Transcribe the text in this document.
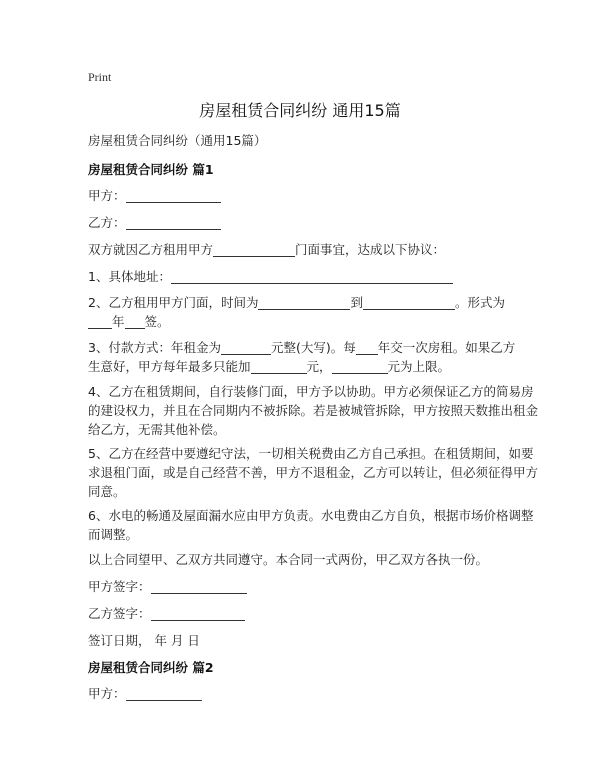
Print
房屋租赁合同纠纷 通用15篇
房屋租赁合同纠纷（通用15篇）
房屋租赁合同纠纷 篇1
甲方：
乙方：
双方就因乙方租用甲方	门面事宜，达成以下协议：
1、具体地址：
2、乙方租用甲方门面，时间为	到	。形式为
年 签。
3、付款方式：年租金为	元整(大写)。每 年交一次房租。如果乙方
生意好，甲方每年最多只能加	元，	元为上限。
4、乙方在租赁期间，自行装修门面，甲方予以协助。甲方必须保证乙方的简易房
的建设权力，并且在合同期内不被拆除。若是被城管拆除，甲方按照天数推出租金
给乙方，无需其他补偿。
5、乙方在经营中要遵纪守法，一切相关税费由乙方自己承担。在租赁期间，如要
求退租门面，或是自己经营不善，甲方不退租金，乙方可以转让，但必须征得甲方
同意。
6、水电的畅通及屋面漏水应由甲方负责。水电费由乙方自负，根据市场价格调整
而调整。
以上合同望甲、乙双方共同遵守。本合同一式两份，甲乙双方各执一份。
甲方签字：
乙方签字：
签订日期， 年 月 日
房屋租赁合同纠纷 篇2
甲方：
